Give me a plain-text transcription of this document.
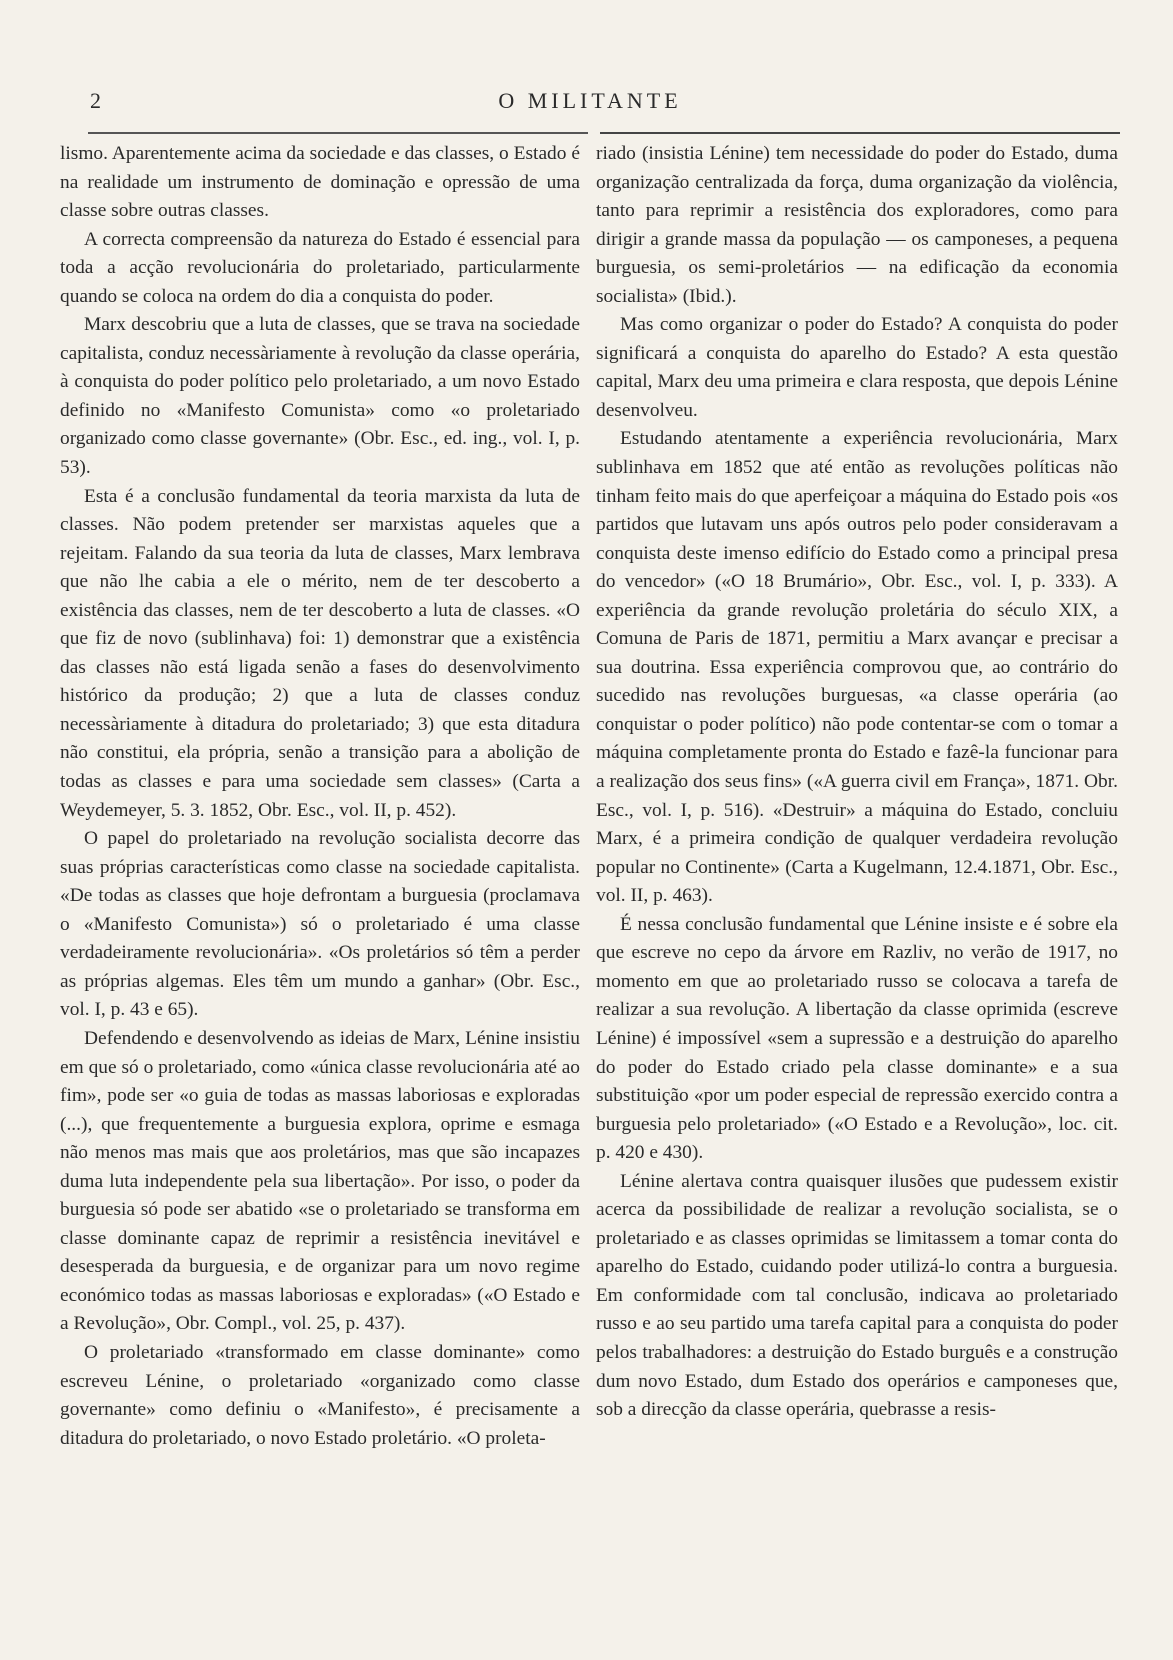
2	O MILITANTE

lismo. Aparentemente acima da sociedade e das classes, o Estado é na realidade um instrumento de dominação e opressão de uma classe sobre outras classes.

A correcta compreensão da natureza do Estado é essencial para toda a acção revolucionária do proletariado, particularmente quando se coloca na ordem do dia a conquista do poder.

Marx descobriu que a luta de classes, que se trava na sociedade capitalista, conduz necessàriamente à revolução da classe operária, à conquista do poder político pelo proletariado, a um novo Estado definido no «Manifesto Comunista» como «o proletariado organizado como classe governante» (Obr. Esc., ed. ing., vol. I, p. 53).

Esta é a conclusão fundamental da teoria marxista da luta de classes. Não podem pretender ser marxistas aqueles que a rejeitam. Falando da sua teoria da luta de classes, Marx lembrava que não lhe cabia a ele o mérito, nem de ter descoberto a existência das classes, nem de ter descoberto a luta de classes. «O que fiz de novo (sublinhava) foi: 1) demonstrar que a existência das classes não está ligada senão a fases do desenvolvimento histórico da produção; 2) que a luta de classes conduz necessàriamente à ditadura do proletariado; 3) que esta ditadura não constitui, ela própria, senão a transição para a abolição de todas as classes e para uma sociedade sem classes» (Carta a Weydemeyer, 5. 3. 1852, Obr. Esc., vol. II, p. 452).

O papel do proletariado na revolução socialista decorre das suas próprias características como classe na sociedade capitalista. «De todas as classes que hoje defrontam a burguesia (proclamava o «Manifesto Comunista») só o proletariado é uma classe verdadeiramente revolucionária». «Os proletários só têm a perder as próprias algemas. Eles têm um mundo a ganhar» (Obr. Esc., vol. I, p. 43 e 65).

Defendendo e desenvolvendo as ideias de Marx, Lénine insistiu em que só o proletariado, como «única classe revolucionária até ao fim», pode ser «o guia de todas as massas laboriosas e exploradas (...), que frequentemente a burguesia explora, oprime e esmaga não menos mas mais que aos proletários, mas que são incapazes duma luta independente pela sua libertação». Por isso, o poder da burguesia só pode ser abatido «se o proletariado se transforma em classe dominante capaz de reprimir a resistência inevitável e desesperada da burguesia, e de organizar para um novo regime económico todas as massas laboriosas e exploradas» («O Estado e a Revolução», Obr. Compl., vol. 25, p. 437).

O proletariado «transformado em classe dominante» como escreveu Lénine, o proletariado «organizado como classe governante» como definiu o «Manifesto», é precisamente a ditadura do proletariado, o novo Estado proletário. «O proleta-

riado (insistia Lénine) tem necessidade do poder do Estado, duma organização centralizada da força, duma organização da violência, tanto para reprimir a resistência dos exploradores, como para dirigir a grande massa da população — os camponeses, a pequena burguesia, os semi-proletários — na edificação da economia socialista» (Ibid.).

Mas como organizar o poder do Estado? A conquista do poder significará a conquista do aparelho do Estado? A esta questão capital, Marx deu uma primeira e clara resposta, que depois Lénine desenvolveu.

Estudando atentamente a experiência revolucionária, Marx sublinhava em 1852 que até então as revoluções políticas não tinham feito mais do que aperfeiçoar a máquina do Estado pois «os partidos que lutavam uns após outros pelo poder consideravam a conquista deste imenso edifício do Estado como a principal presa do vencedor» («O 18 Brumário», Obr. Esc., vol. I, p. 333). A experiência da grande revolução proletária do século XIX, a Comuna de Paris de 1871, permitiu a Marx avançar e precisar a sua doutrina. Essa experiência comprovou que, ao contrário do sucedido nas revoluções burguesas, «a classe operária (ao conquistar o poder político) não pode contentar-se com o tomar a máquina completamente pronta do Estado e fazê-la funcionar para a realização dos seus fins» («A guerra civil em França», 1871. Obr. Esc., vol. I, p. 516). «Destruir» a máquina do Estado, concluiu Marx, é a primeira condição de qualquer verdadeira revolução popular no Continente» (Carta a Kugelmann, 12.4.1871, Obr. Esc., vol. II, p. 463).

É nessa conclusão fundamental que Lénine insiste e é sobre ela que escreve no cepo da árvore em Razliv, no verão de 1917, no momento em que ao proletariado russo se colocava a tarefa de realizar a sua revolução. A libertação da classe oprimida (escreve Lénine) é impossível «sem a supressão e a destruição do aparelho do poder do Estado criado pela classe dominante» e a sua substituição «por um poder especial de repressão exercido contra a burguesia pelo proletariado» («O Estado e a Revolução», loc. cit. p. 420 e 430).

Lénine alertava contra quaisquer ilusões que pudessem existir acerca da possibilidade de realizar a revolução socialista, se o proletariado e as classes oprimidas se limitassem a tomar conta do aparelho do Estado, cuidando poder utilizá-lo contra a burguesia. Em conformidade com tal conclusão, indicava ao proletariado russo e ao seu partido uma tarefa capital para a conquista do poder pelos trabalhadores: a destruição do Estado burguês e a construção dum novo Estado, dum Estado dos operários e camponeses que, sob a direcção da classe operária, quebrasse a resis-
